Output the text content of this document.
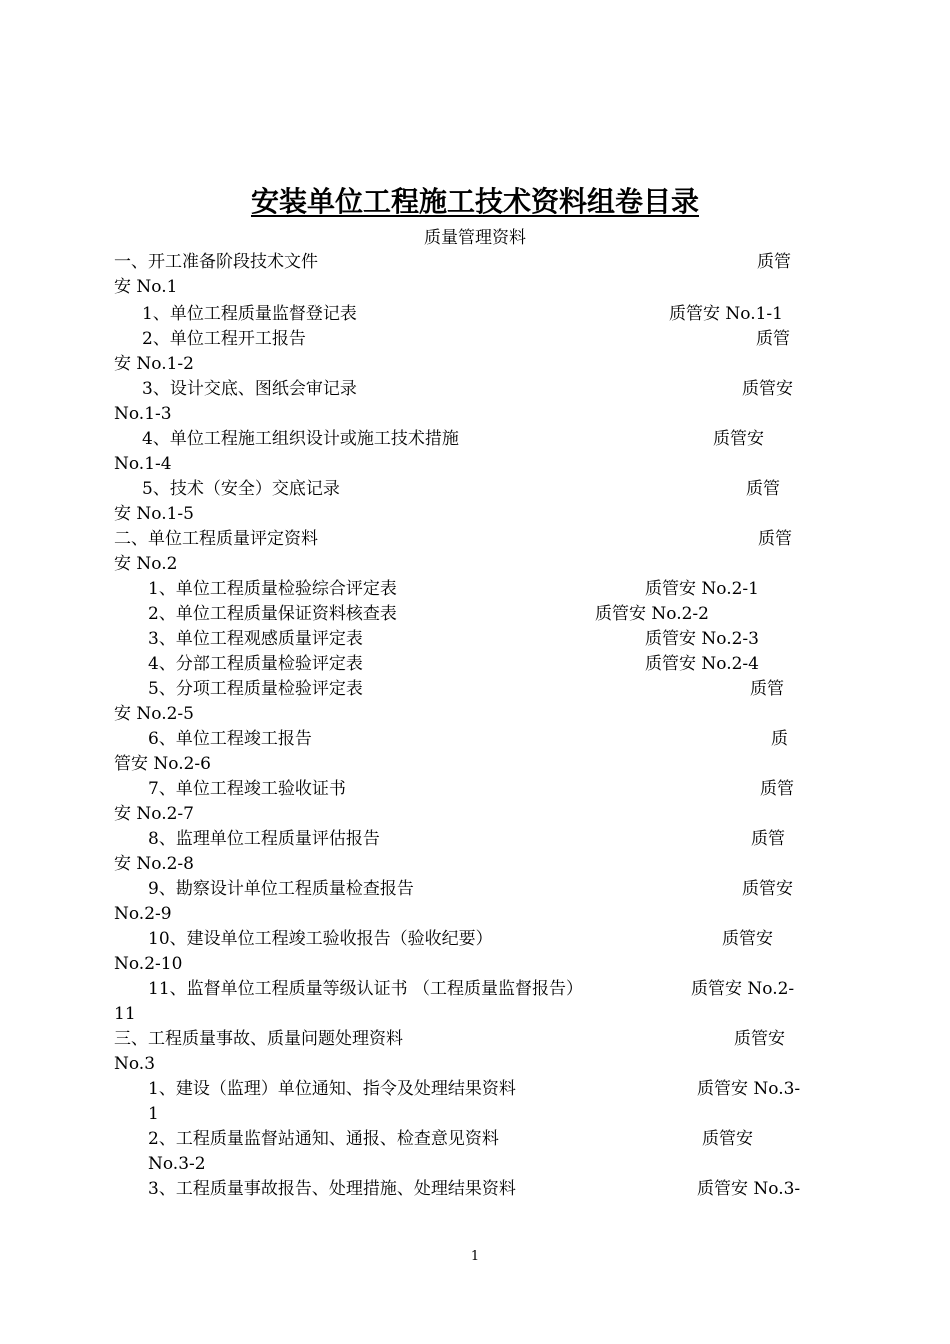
安装单位工程施工技术资料组卷目录
质量管理资料
一、开工准备阶段技术文件	质管
安 No.1
1、单位工程质量监督登记表	质管安 No.1-1
2、单位工程开工报告	质管
安 No.1-2
3、设计交底、图纸会审记录	质管安
No.1-3
4、单位工程施工组织设计或施工技术措施	质管安
No.1-4
5、技术（安全）交底记录	质管
安 No.1-5
二、单位工程质量评定资料	质管
安 No.2
1、单位工程质量检验综合评定表	质管安 No.2-1
2、单位工程质量保证资料核查表	质管安 No.2-2
3、单位工程观感质量评定表	质管安 No.2-3
4、分部工程质量检验评定表	质管安 No.2-4
5、分项工程质量检验评定表	质管
安 No.2-5
6、单位工程竣工报告	质
管安 No.2-6
7、单位工程竣工验收证书	质管
安 No.2-7
8、监理单位工程质量评估报告	质管
安 No.2-8
9、勘察设计单位工程质量检查报告	质管安
No.2-9
10、建设单位工程竣工验收报告（验收纪要）	质管安
No.2-10
11、监督单位工程质量等级认证书 （工程质量监督报告）	质管安 No.2-
11
三、工程质量事故、质量问题处理资料	质管安
No.3
1、建设（监理）单位通知、指令及处理结果资料	质管安 No.3-
1
2、工程质量监督站通知、通报、检查意见资料	质管安
No.3-2
3、工程质量事故报告、处理措施、处理结果资料	质管安 No.3-
1
